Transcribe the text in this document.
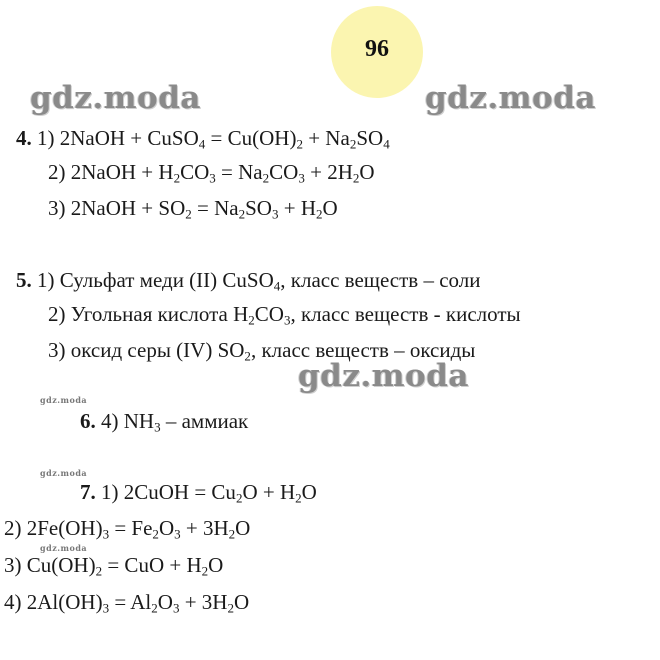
96
gdz.moda	gdz.moda
gdz.moda
gdz.moda
gdz.moda
gdz.moda
4. 1) 2NaOH + CuSO$_4$ = $Cu(OH)_2 + Na_2SO_4$
2) 2NaOH + $H_2CO_3 = Na_2CO_3 + 2H_2O$
3) 2NaOH + $SO_2 = Na_2SO_3 + H_2O$
5. 1) Сульфат меди (II) CuSO$_4$, класс веществ – соли
2) Угольная кислота $H_2CO_3$, класс веществ - кислоты
3) оксид серы (IV) $SO_2$, класс веществ – оксиды
6. 4) $NH_3$ – аммиак
7. 1) 2CuOH = $Cu_2O + H_2O$
2) $2Fe(OH)_3 = Fe_2O_3 + 3H_2O$
3) $Cu(OH)_2$ = CuO + $H_2O$
4) $2Al(OH)_3 = Al_2O_3 + 3H_2O$
